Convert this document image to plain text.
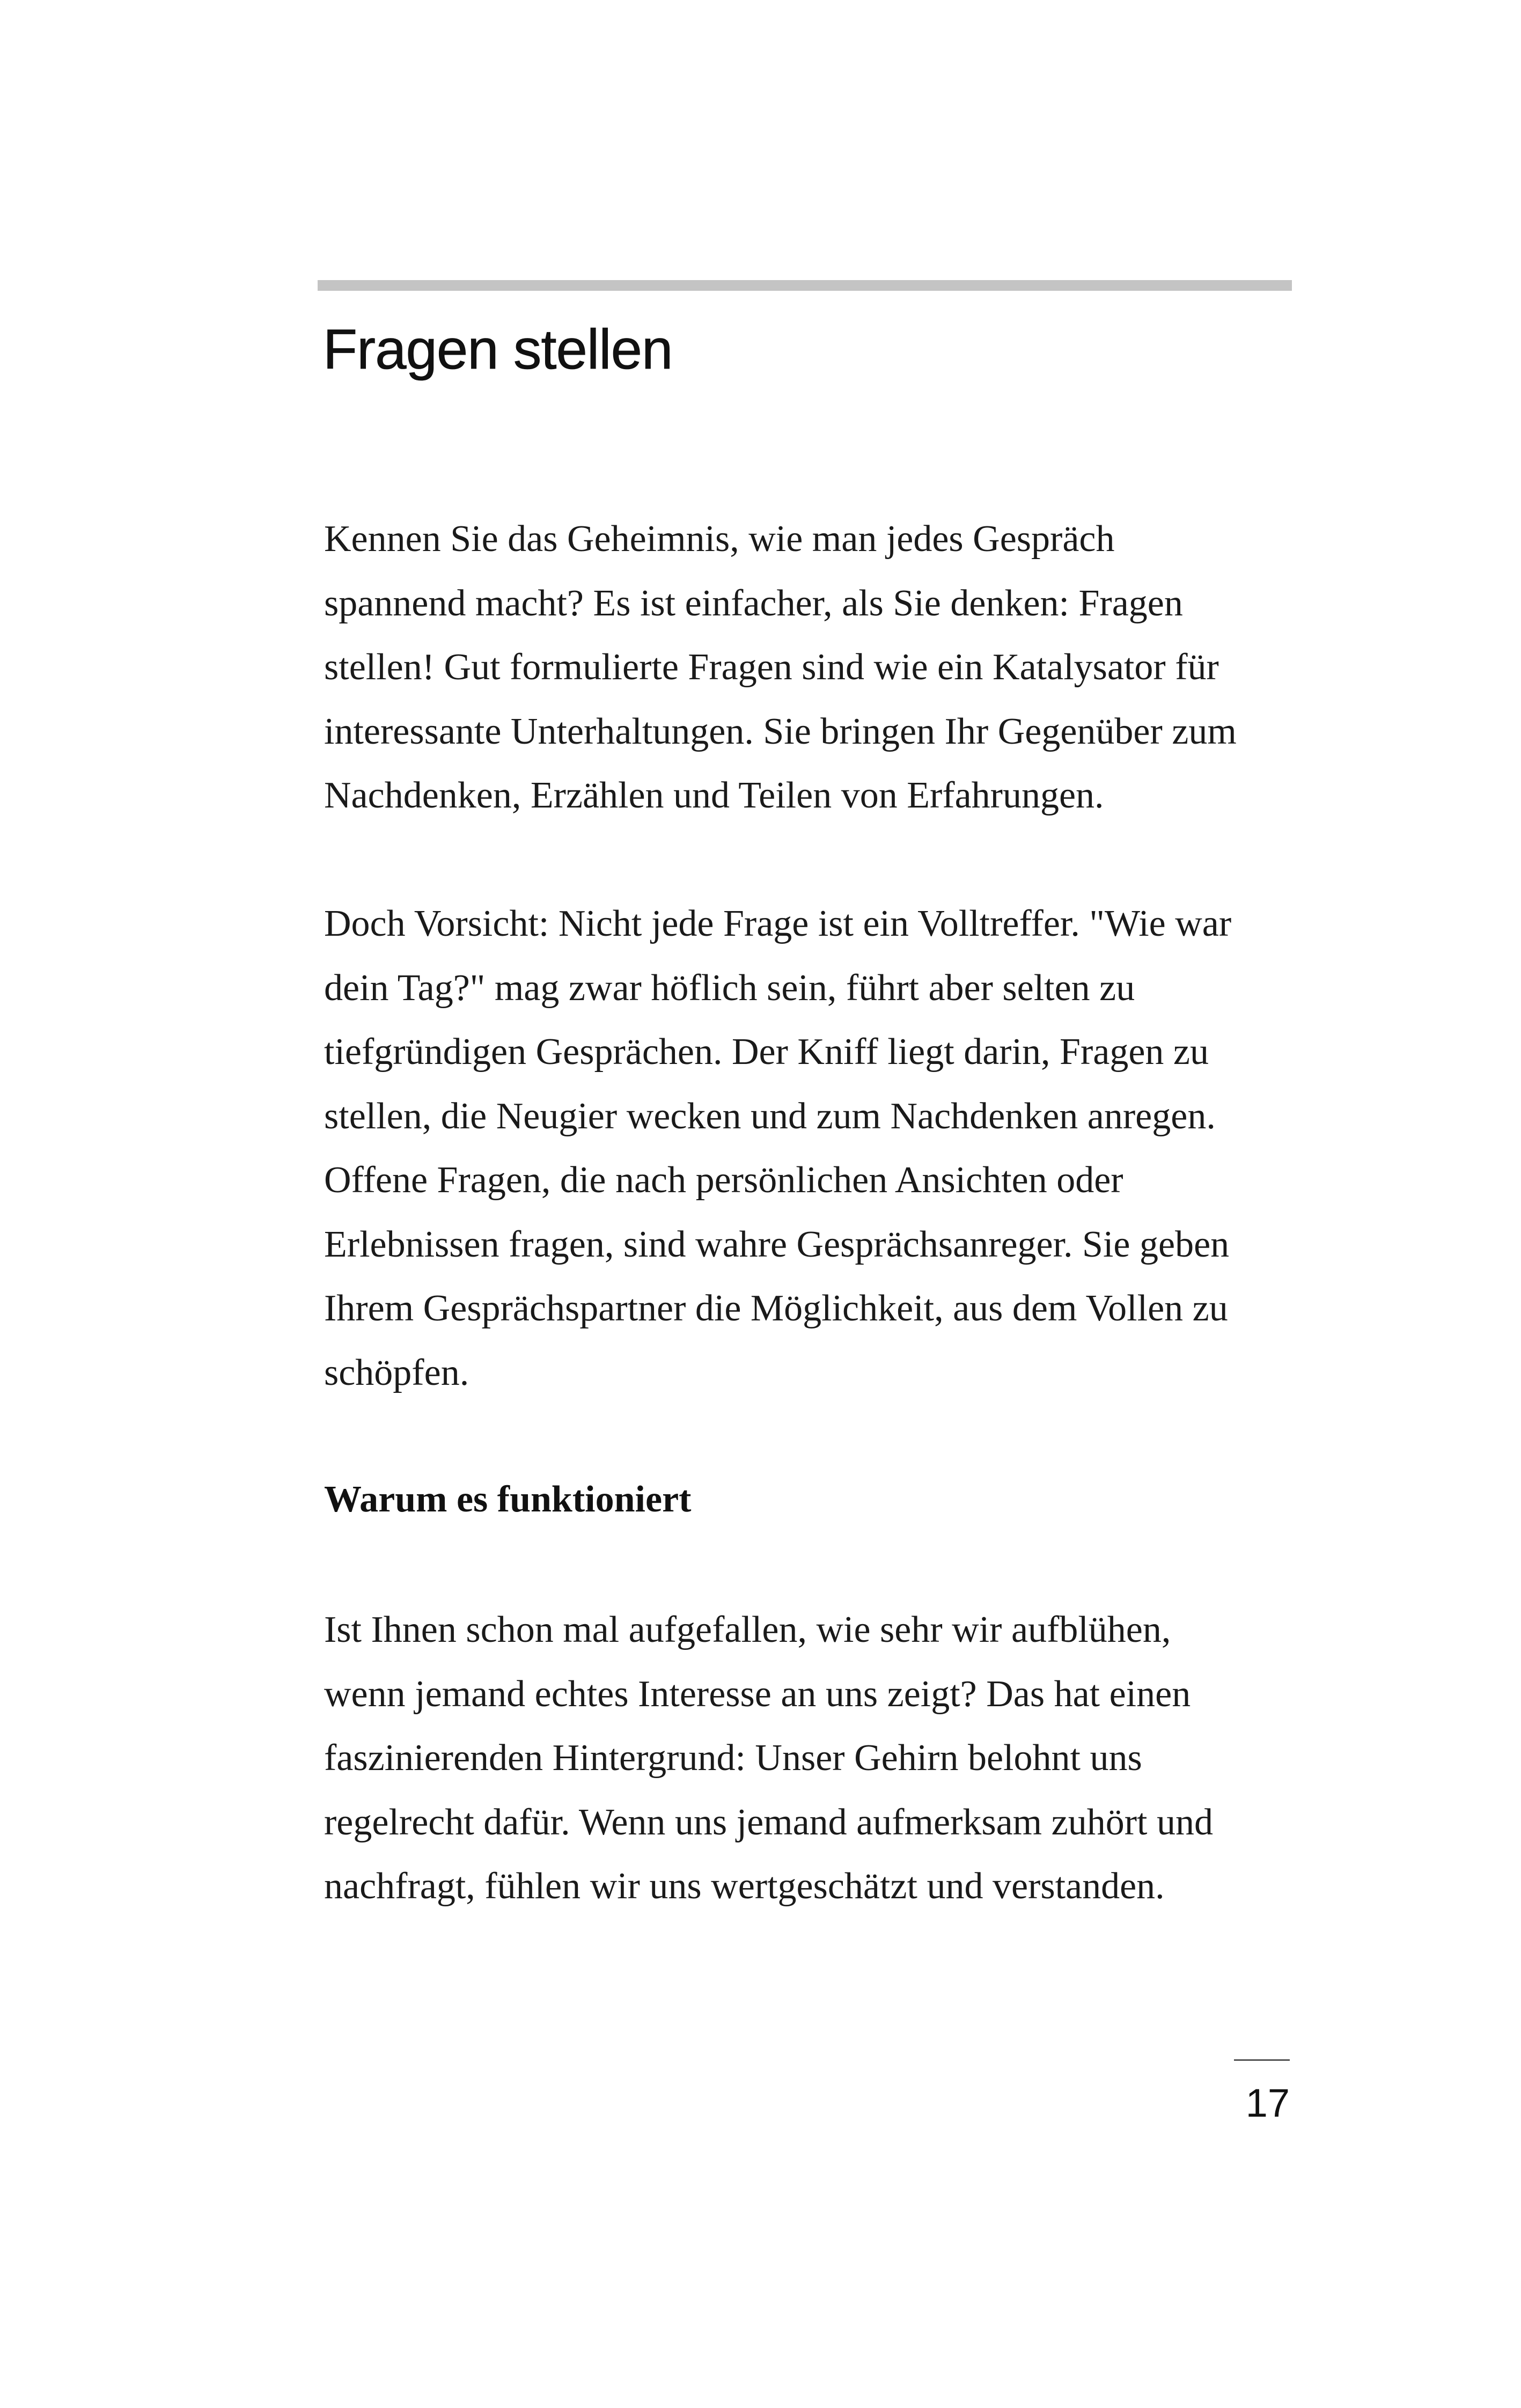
Fragen stellen

Kennen Sie das Geheimnis, wie man jedes Gespräch
spannend macht? Es ist einfacher, als Sie denken: Fragen
stellen! Gut formulierte Fragen sind wie ein Katalysator für
interessante Unterhaltungen. Sie bringen Ihr Gegenüber zum
Nachdenken, Erzählen und Teilen von Erfahrungen.

Doch Vorsicht: Nicht jede Frage ist ein Volltreffer. "Wie war
dein Tag?" mag zwar höflich sein, führt aber selten zu
tiefgründigen Gesprächen. Der Kniff liegt darin, Fragen zu
stellen, die Neugier wecken und zum Nachdenken anregen.
Offene Fragen, die nach persönlichen Ansichten oder
Erlebnissen fragen, sind wahre Gesprächsanreger. Sie geben
Ihrem Gesprächspartner die Möglichkeit, aus dem Vollen zu
schöpfen.

Warum es funktioniert

Ist Ihnen schon mal aufgefallen, wie sehr wir aufblühen,
wenn jemand echtes Interesse an uns zeigt? Das hat einen
faszinierenden Hintergrund: Unser Gehirn belohnt uns
regelrecht dafür. Wenn uns jemand aufmerksam zuhört und
nachfragt, fühlen wir uns wertgeschätzt und verstanden.

17
